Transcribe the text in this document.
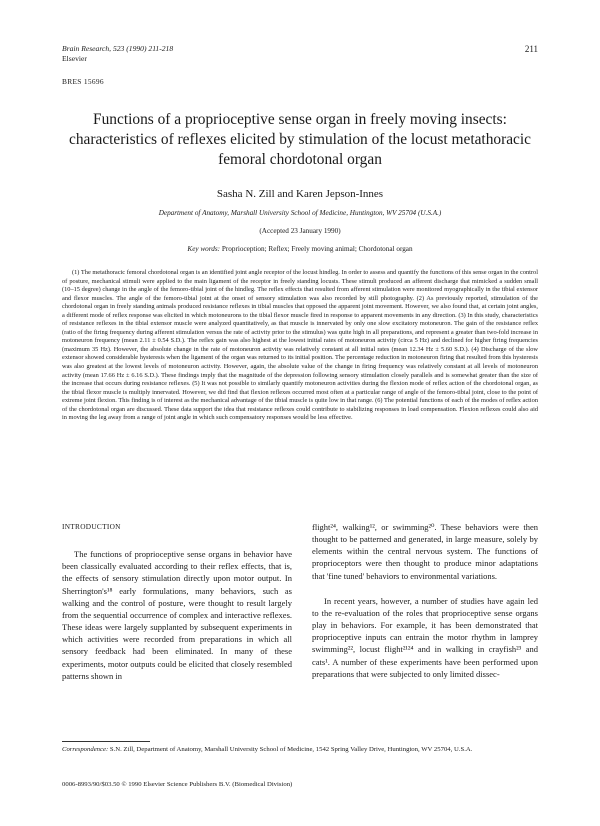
Brain Research, 523 (1990) 211-218
Elsevier
211
BRES 15696
Functions of a proprioceptive sense organ in freely moving insects: characteristics of reflexes elicited by stimulation of the locust metathoracic femoral chordotonal organ
Sasha N. Zill and Karen Jepson-Innes
Department of Anatomy, Marshall University School of Medicine, Huntington, WV 25704 (U.S.A.)
(Accepted 23 January 1990)
Key words: Proprioception; Reflex; Freely moving animal; Chordotonal organ

(1) The metathoracic femoral chordotonal organ is an identified joint angle receptor of the locust hindleg. In order to assess and quantify the functions of this sense organ in the control of posture, mechanical stimuli were applied to the main ligament of the receptor in freely standing locusts. These stimuli produced an afferent discharge that mimicked a sudden small (10–15 degree) change in the angle of the femoro-tibial joint of the hindleg. The reflex effects that resulted from afferent stimulation were monitored myographically in the tibial extensor and flexor muscles. The angle of the femoro-tibial joint at the onset of sensory stimulation was also recorded by still photography. (2) As previously reported, stimulation of the chordotonal organ in freely standing animals produced resistance reflexes in tibial muscles that opposed the apparent joint movement. However, we also found that, at certain joint angles, a different mode of reflex response was elicited in which motoneurons to the tibial flexor muscle fired in response to apparent movements in any direction. (3) In this study, characteristics of resistance reflexes in the tibial extensor muscle were analyzed quantitatively, as that muscle is innervated by only one slow excitatory motoneuron. The gain of the resistance reflex (ratio of the firing frequency during afferent stimulation versus the rate of activity prior to the stimulus) was quite high in all preparations, and represent a greater than two-fold increase in motoneuron frequency (mean 2.11 ± 0.54 S.D.). The reflex gain was also highest at the lowest initial rates of motoneuron activity (circa 5 Hz) and declined for higher firing frequencies (maximum 35 Hz). However, the absolute change in the rate of motoneuron activity was relatively constant at all initial rates (mean 12.34 Hz ± 5.60 S.D.). (4) Discharge of the slow extensor showed considerable hysteresis when the ligament of the organ was returned to its initial position. The percentage reduction in motoneuron firing that resulted from this hysteresis was also greatest at the lowest levels of motoneuron activity. However, again, the absolute value of the change in firing frequency was relatively constant at all levels of motoneuron activity (mean 17.66 Hz ± 6.16 S.D.). These findings imply that the magnitude of the depression following sensory stimulation closely parallels and is somewhat greater than the size of the increase that occurs during resistance reflexes. (5) It was not possible to similarly quantify motoneuron activities during the flexion mode of reflex action of the chordotonal organ, as the tibial flexor muscle is multiply innervated. However, we did find that flexion reflexes occurred most often at a particular range of angle of the femoro-tibial joint, close to the point of extreme joint flexion. This finding is of interest as the mechanical advantage of the tibial muscle is quite low in that range. (6) The potential functions of each of the modes of reflex action of the chordotonal organ are discussed. These data support the idea that resistance reflexes could contribute to stabilizing responses in load compensation. Flexion reflexes could also aid in moving the leg away from a range of joint angle in which such compensatory responses would be less effective.

INTRODUCTION

The functions of proprioceptive sense organs in behavior have been classically evaluated according to their reflex effects, that is, the effects of sensory stimulation directly upon motor output. In Sherrington's¹⁸ early formulations, many behaviors, such as walking and the control of posture, were thought to result largely from the sequential occurrence of complex and interactive reflexes. These ideas were largely supplanted by subsequent experiments in which activities were recorded from preparations in which all sensory feedback had been eliminated. In many of these experiments, motor outputs could be elicited that closely resembled patterns shown in

flight²⁴, walking¹², or swimming²⁰. These behaviors were then thought to be patterned and generated, in large measure, solely by elements within the central nervous system. The functions of proprioceptors were then thought to produce minor adaptations that 'fine tuned' behaviors to environmental variations.

In recent years, however, a number of studies have again led to the re-evaluation of the roles that proprioceptive sense organs play in behaviors. For example, it has been demonstrated that proprioceptive inputs can entrain the motor rhythm in lamprey swimming²², locust flight²¹²⁴ and in walking in crayfish²³ and cats¹. A number of these experiments have been performed upon preparations that were subjected to only limited dissec-

Correspondence: S.N. Zill, Department of Anatomy, Marshall University School of Medicine, 1542 Spring Valley Drive, Huntington, WV 25704, U.S.A.
0006-8993/90/$03.50 © 1990 Elsevier Science Publishers B.V. (Biomedical Division)
